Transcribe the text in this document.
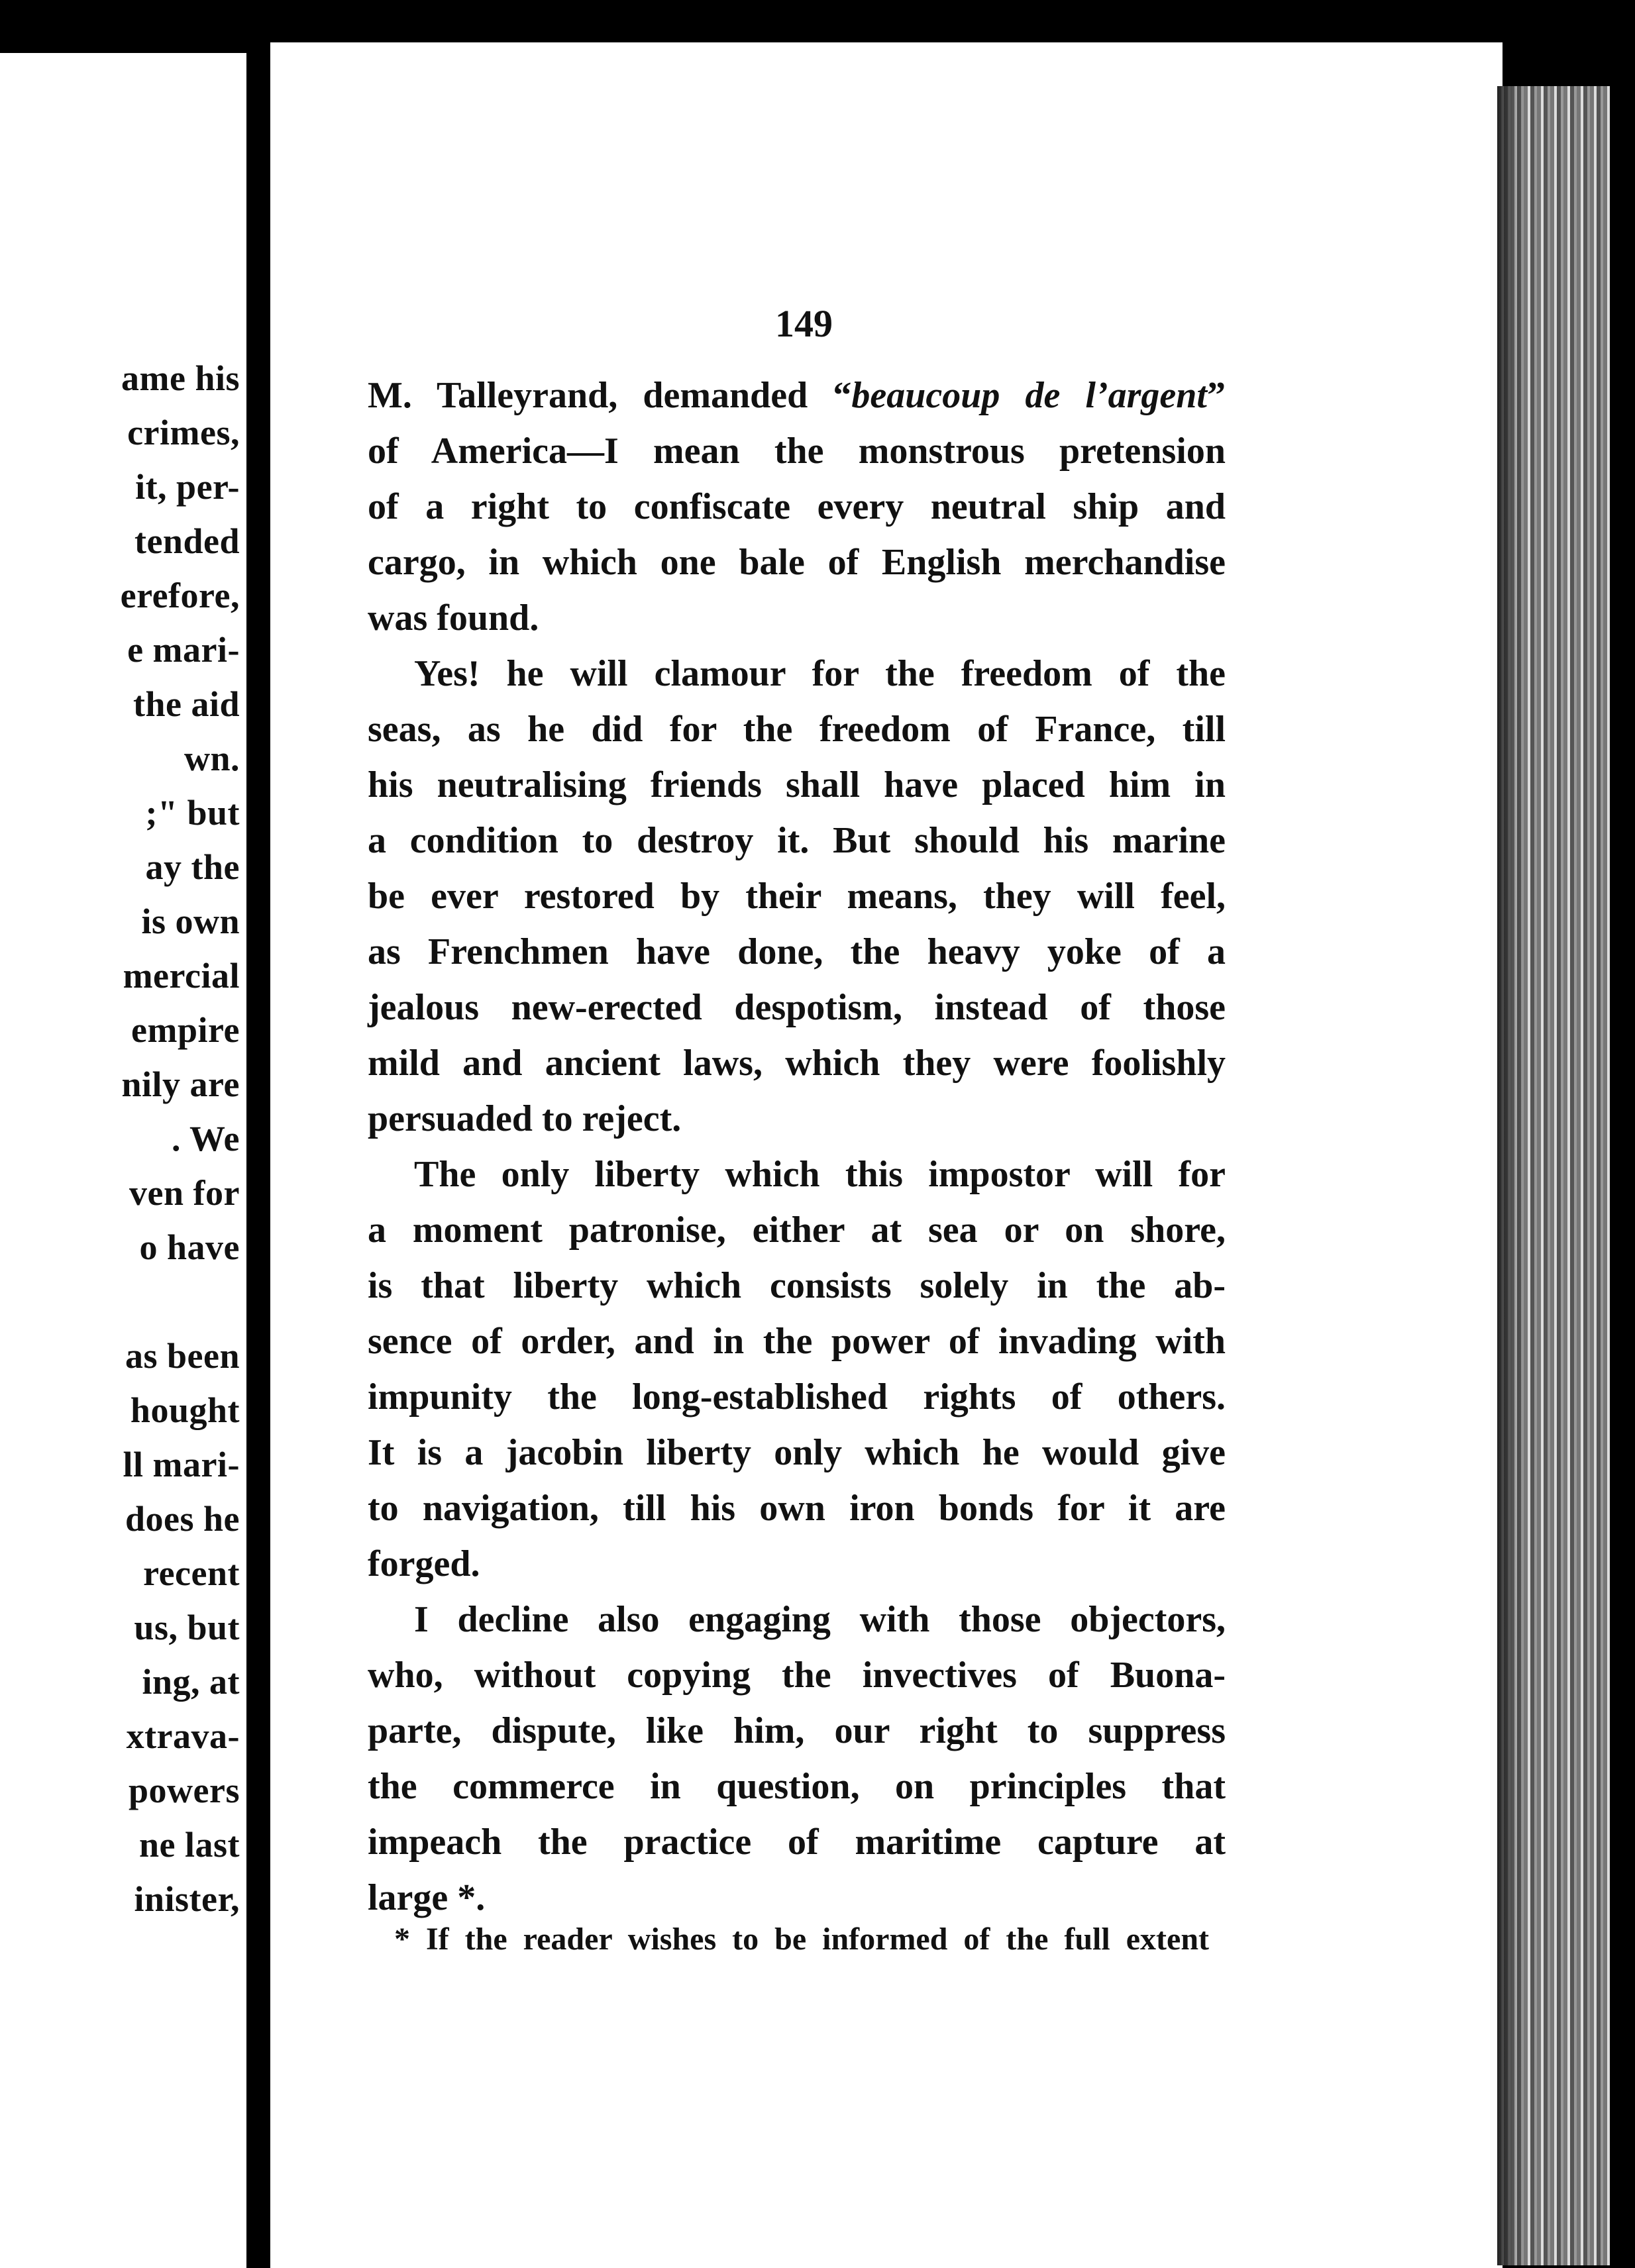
ame his
crimes,
it, per-
tended
erefore,
e mari-
the aid
wn.
;" but
ay the
is own
mercial
empire
nily are
. We
ven for
o have
as been
hought
ll mari-
does he
recent
us, but
ing, at
xtrava-
powers
ne last
inister,
149
M. Talleyrand, demanded “beaucoup de l’argent”
of America—I mean the monstrous pretension
of a right to confiscate every neutral ship and
cargo, in which one bale of English merchandise
was found.
Yes! he will clamour for the freedom of the
seas, as he did for the freedom of France, till
his neutralising friends shall have placed him in
a condition to destroy it. But should his marine
be ever restored by their means, they will feel,
as Frenchmen have done, the heavy yoke of a
jealous new-erected despotism, instead of those
mild and ancient laws, which they were foolishly
persuaded to reject.
The only liberty which this impostor will for
a moment patronise, either at sea or on shore,
is that liberty which consists solely in the ab-
sence of order, and in the power of invading with
impunity the long-established rights of others.
It is a jacobin liberty only which he would give
to navigation, till his own iron bonds for it are
forged.
I decline also engaging with those objectors,
who, without copying the invectives of Buona-
parte, dispute, like him, our right to suppress
the commerce in question, on principles that
impeach the practice of maritime capture at
large *.
* If the reader wishes to be informed of the full extent
